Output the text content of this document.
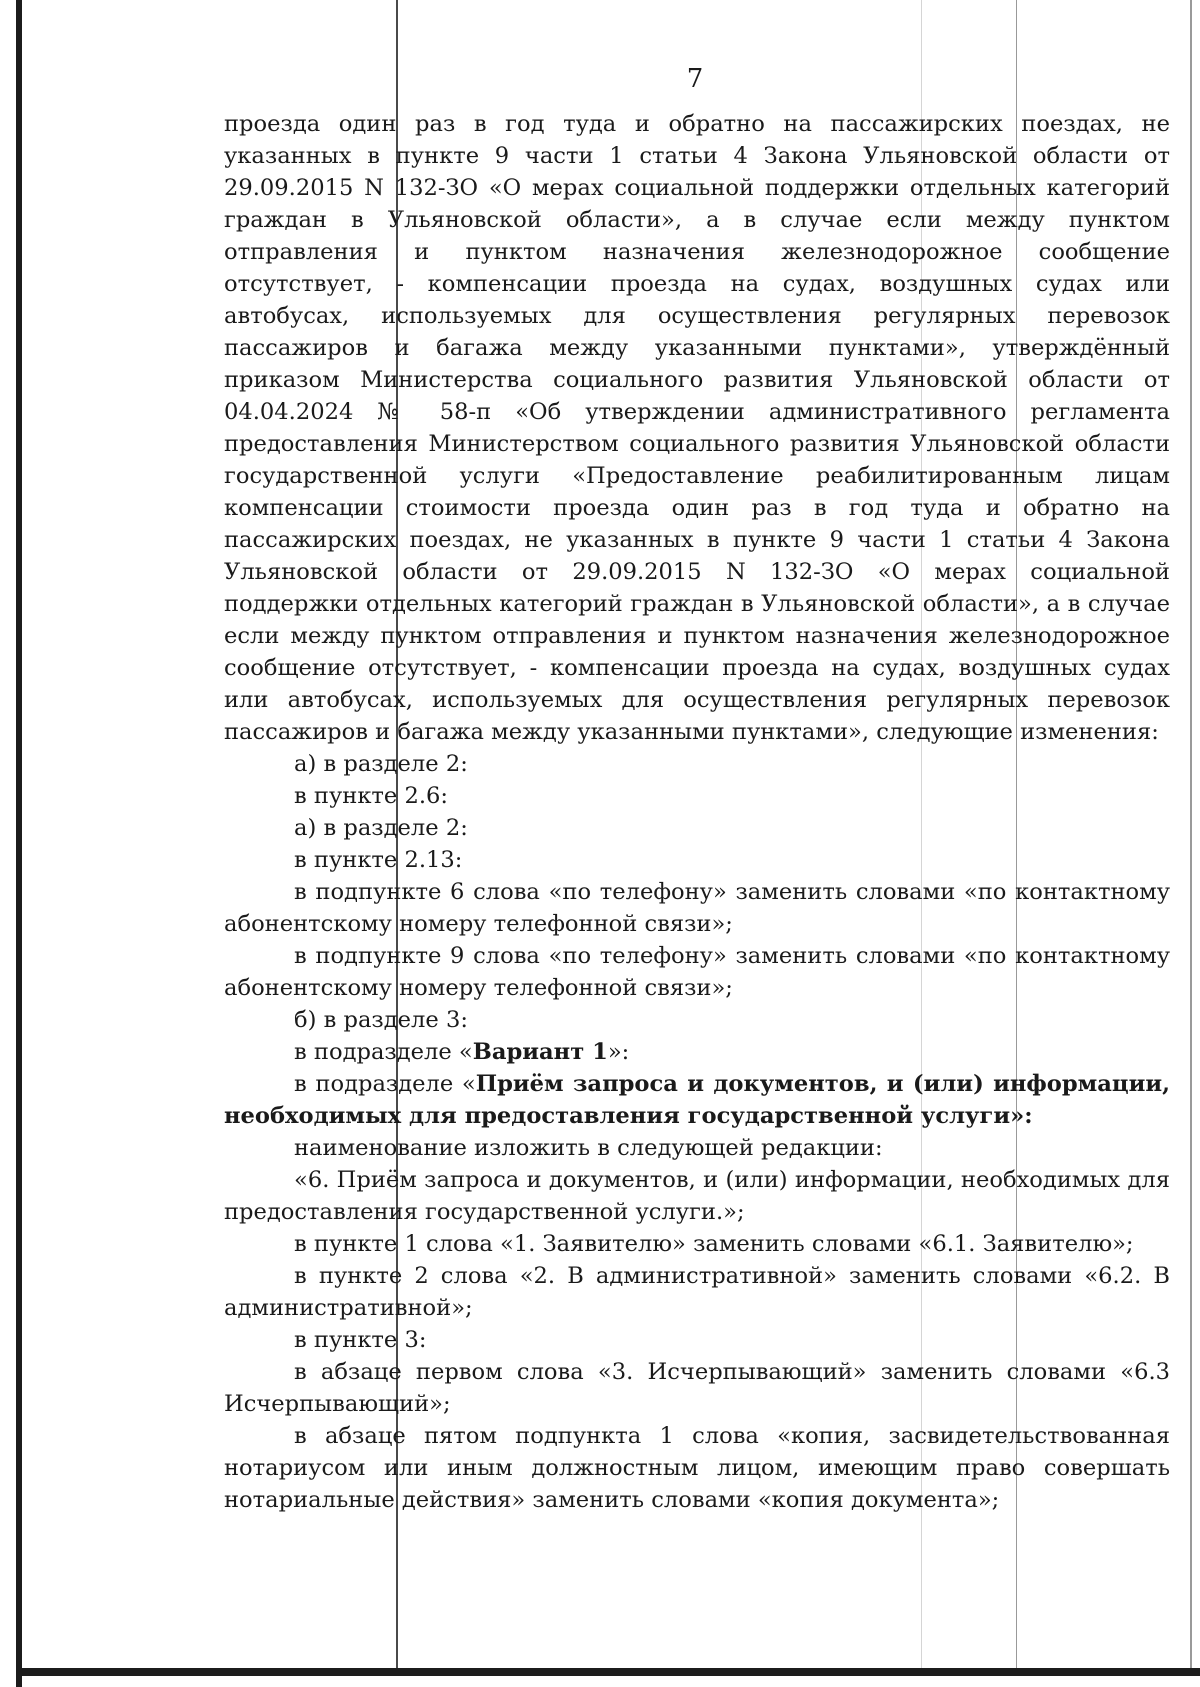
7

проезда один раз в год туда и обратно на пассажирских поездах, не указанных в пункте 9 части 1 статьи 4 Закона Ульяновской области от 29.09.2015 N 132-ЗО «О мерах социальной поддержки отдельных категорий граждан в Ульяновской области», а в случае если между пунктом отправления и пунктом назначения железнодорожное сообщение отсутствует, - компенсации проезда на судах, воздушных судах или автобусах, используемых для осуществления регулярных перевозок пассажиров и багажа между указанными пунктами», утверждённый приказом Министерства социального развития Ульяновской области от 04.04.2024 № 58-п «Об утверждении административного регламента предоставления Министерством социального развития Ульяновской области государственной услуги «Предоставление реабилитированным лицам компенсации стоимости проезда один раз в год туда и обратно на пассажирских поездах, не указанных в пункте 9 части 1 статьи 4 Закона Ульяновской области от 29.09.2015 N 132-ЗО «О мерах социальной поддержки отдельных категорий граждан в Ульяновской области», а в случае если между пунктом отправления и пунктом назначения железнодорожное сообщение отсутствует, - компенсации проезда на судах, воздушных судах или автобусах, используемых для осуществления регулярных перевозок пассажиров и багажа между указанными пунктами», следующие изменения:

а) в разделе 2:

в пункте 2.6:

а) в разделе 2:

в пункте 2.13:

в подпункте 6 слова «по телефону» заменить словами «по контактному абонентскому номеру телефонной связи»;

в подпункте 9 слова «по телефону» заменить словами «по контактному абонентскому номеру телефонной связи»;

б) в разделе 3:

в подразделе «Вариант 1»:

в подразделе «Приём запроса и документов, и (или) информации, необходимых для предоставления государственной услуги»:

наименование изложить в следующей редакции:

«6. Приём запроса и документов, и (или) информации, необходимых для предоставления государственной услуги.»;

в пункте 1 слова «1. Заявителю» заменить словами «6.1. Заявителю»;

в пункте 2 слова «2. В административной» заменить словами «6.2. В административной»;

в пункте 3:

в абзаце первом слова «3. Исчерпывающий» заменить словами «6.3 Исчерпывающий»;

в абзаце пятом подпункта 1 слова «копия, засвидетельствованная нотариусом или иным должностным лицом, имеющим право совершать нотариальные действия» заменить словами «копия документа»;
